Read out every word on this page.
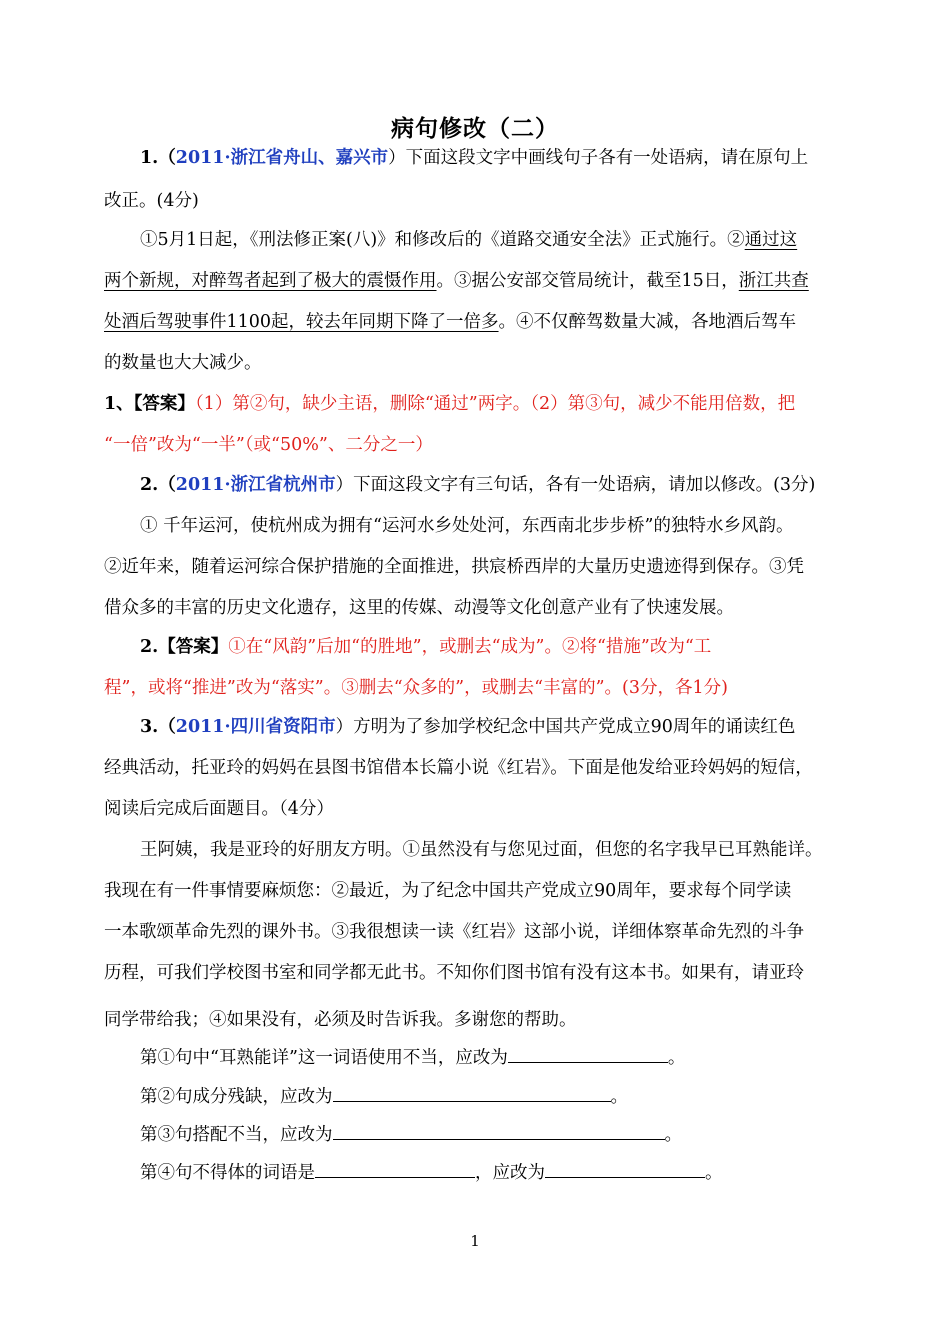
病句修改（二）
1.（2011·浙江省舟山、嘉兴市）下面这段文字中画线句子各有一处语病，请在原句上
改正。(4分)
①5月1日起，《刑法修正案(八)》和修改后的《道路交通安全法》正式施行。②通过这
两个新规，对醉驾者起到了极大的震慑作用。③据公安部交管局统计，截至15日，浙江共查
处酒后驾驶事件1100起，较去年同期下降了一倍多。④不仅醉驾数量大减，各地酒后驾车
的数量也大大减少。
1、【答案】（1）第②句，缺少主语，删除“通过”两字。（2）第③句，减少不能用倍数，把
“一倍”改为“一半”（或“50%”、二分之一）
2.（2011·浙江省杭州市）下面这段文字有三句话，各有一处语病，请加以修改。(3分)
① 千年运河，使杭州成为拥有“运河水乡处处河，东西南北步步桥”的独特水乡风韵。
②近年来，随着运河综合保护措施的全面推进，拱宸桥西岸的大量历史遗迹得到保存。③凭
借众多的丰富的历史文化遗存，这里的传媒、动漫等文化创意产业有了快速发展。
2.【答案】①在“风韵”后加“的胜地”，或删去“成为”。②将“措施”改为“工
程”，或将“推进”改为“落实”。③删去“众多的”，或删去“丰富的”。(3分，各1分)
3.（2011·四川省资阳市）方明为了参加学校纪念中国共产党成立90周年的诵读红色
经典活动，托亚玲的妈妈在县图书馆借本长篇小说《红岩》。下面是他发给亚玲妈妈的短信，
阅读后完成后面题目。（4分）
王阿姨，我是亚玲的好朋友方明。①虽然没有与您见过面，但您的名字我早已耳熟能详。
我现在有一件事情要麻烦您：②最近，为了纪念中国共产党成立90周年，要求每个同学读
一本歌颂革命先烈的课外书。③我很想读一读《红岩》这部小说，详细体察革命先烈的斗争
历程，可我们学校图书室和同学都无此书。不知你们图书馆有没有这本书。如果有，请亚玲
同学带给我；④如果没有，必须及时告诉我。多谢您的帮助。
第①句中“耳熟能详”这一词语使用不当，应改为	。
第②句成分残缺，应改为	。
第③句搭配不当，应改为	。
第④句不得体的词语是	，应改为	。
1
